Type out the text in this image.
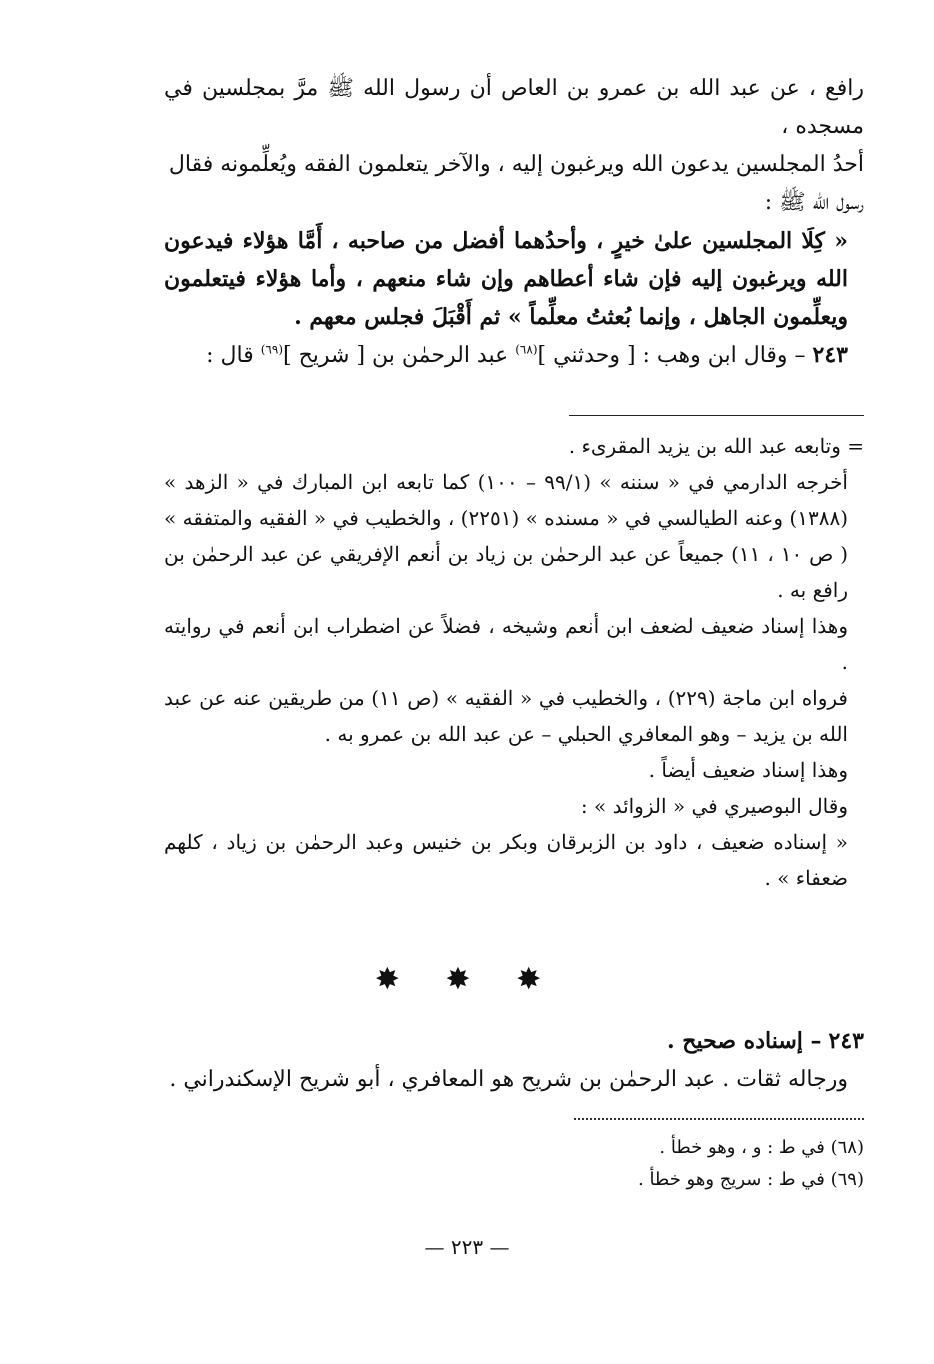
رافع ، عن عبد الله بن عمرو بن العاص أن رسول الله ﷺ مرَّ بمجلسين في مسجده ،

أحدُ المجلسين يدعون الله ويرغبون إليه ، والآخر يتعلمون الفقه ويُعلِّمونه فقال

رسول الله ﷺ :

« كِلَا المجلسين علىٰ خيرٍ ، وأحدُهما أفضل من صاحبه ، أَمَّا هؤلاء فيدعون الله ويرغبون إليه فإن شاء أعطاهم وإن شاء منعهم ، وأما هؤلاء فيتعلمون ويعلِّمون الجاهل ، وإنما بُعثتُ معلِّماً » ثم أَقْبَلَ فجلس معهم .

٢٤٣ – وقال ابن وهب : [ وحدثني ]$^{(٦٨)}$ عبد الرحمٰن بن [ شريح ]$^{(٦٩)}$ قال :

= وتابعه عبد الله بن يزيد المقرىء .

أخرجه الدارمي في « سننه » (٩٩/١ – ١٠٠) كما تابعه ابن المبارك في « الزهد » (١٣٨٨) وعنه الطيالسي في « مسنده » (٢٢٥١) ، والخطيب في « الفقيه والمتفقه » ( ص ١٠ ، ١١) جميعاً عن عبد الرحمٰن بن زياد بن أنعم الإفريقي عن عبد الرحمٰن بن رافع به .

وهذا إسناد ضعيف لضعف ابن أنعم وشيخه ، فضلاً عن اضطراب ابن أنعم في روايته .

فرواه ابن ماجة (٢٢٩) ، والخطيب في « الفقيه » (ص ١١) من طريقين عنه عن عبد الله بن يزيد – وهو المعافري الحبلي – عن عبد الله بن عمرو به .

وهذا إسناد ضعيف أيضاً .

وقال البوصيري في « الزوائد » :

« إسناده ضعيف ، داود بن الزبرقان وبكر بن خنيس وعبد الرحمٰن بن زياد ، كلهم ضعفاء » .

✸ ✸ ✸

٢٤٣ – إسناده صحيح .

ورجاله ثقات . عبد الرحمٰن بن شريح هو المعافري ، أبو شريح الإسكندراني .

(٦٨) في ط : و ، وهو خطأ .

(٦٩) في ط : سريج وهو خطأ .

— ٢٢٣ —
